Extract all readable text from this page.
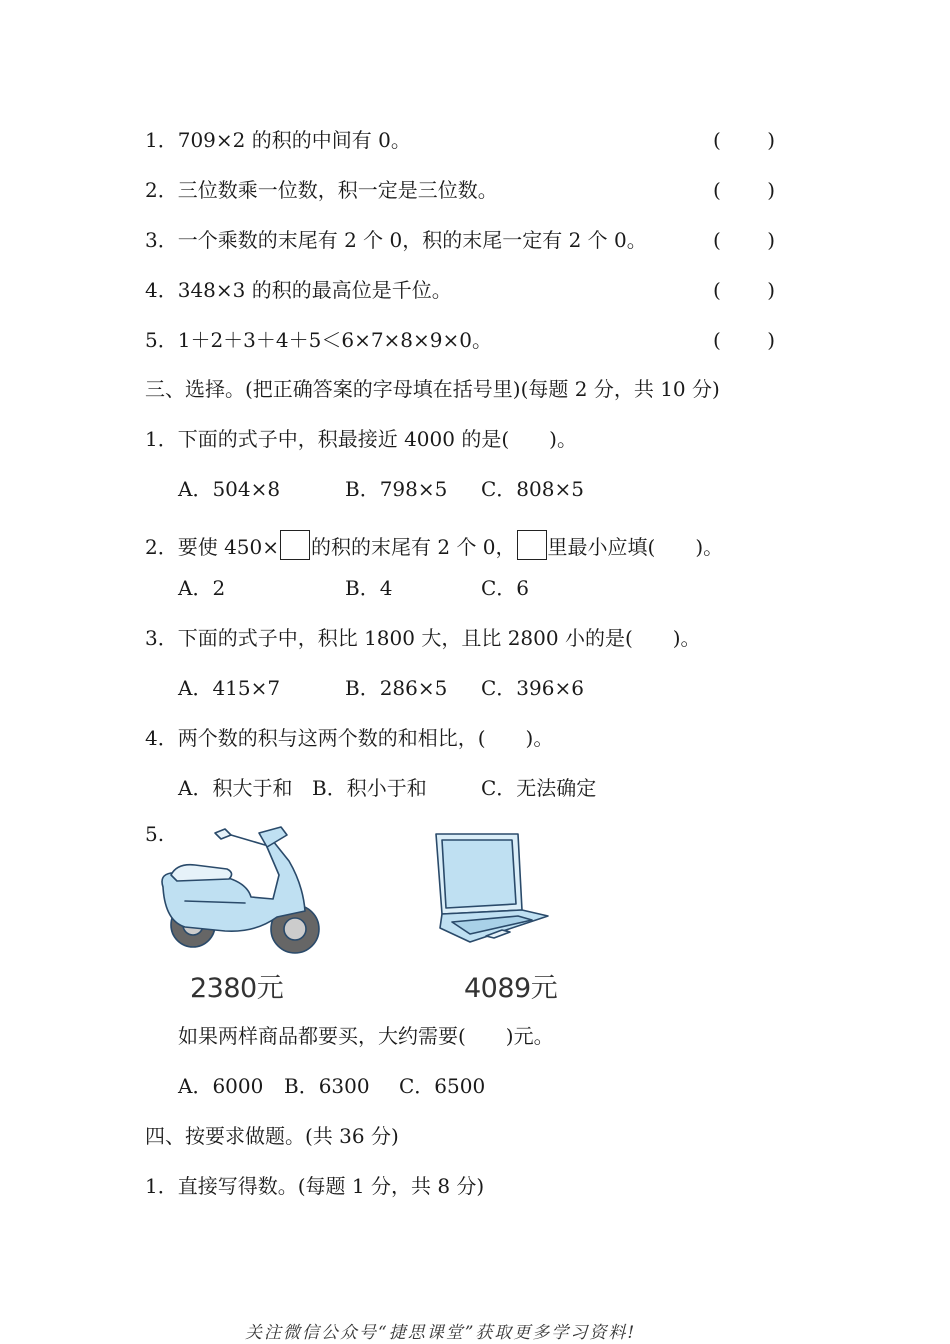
1．709×2 的积的中间有 0。	( )
2．三位数乘一位数，积一定是三位数。	( )
3．一个乘数的末尾有 2 个 0，积的末尾一定有 2 个 0。	( )
4．348×3 的积的最高位是千位。	( )
5．1＋2＋3＋4＋5＜6×7×8×9×0。	( )
三、选择。(把正确答案的字母填在括号里)(每题 2 分，共 10 分)
1．下面的式子中，积最接近 4000 的是(　　)。
A．504×8	B．798×5 C．808×5
2．要使 450× 的积的末尾有 2 个 0， 里最小应填(　　)。
A．2	B．4	C．6
3．下面的式子中，积比 1800 大，且比 2800 小的是(　　)。
A．415×7	B．286×5 C．396×6
4．两个数的积与这两个数的和相比，(　　)。
A．积大于和 B．积小于和	C．无法确定
5.
2380元	4089元
如果两样商品都要买，大约需要(　　)元。
A．6000 B．6300 C．6500
四、按要求做题。(共 36 分)
1．直接写得数。(每题 1 分，共 8 分)
关注微信公众号“捷思课堂”获取更多学习资料!
